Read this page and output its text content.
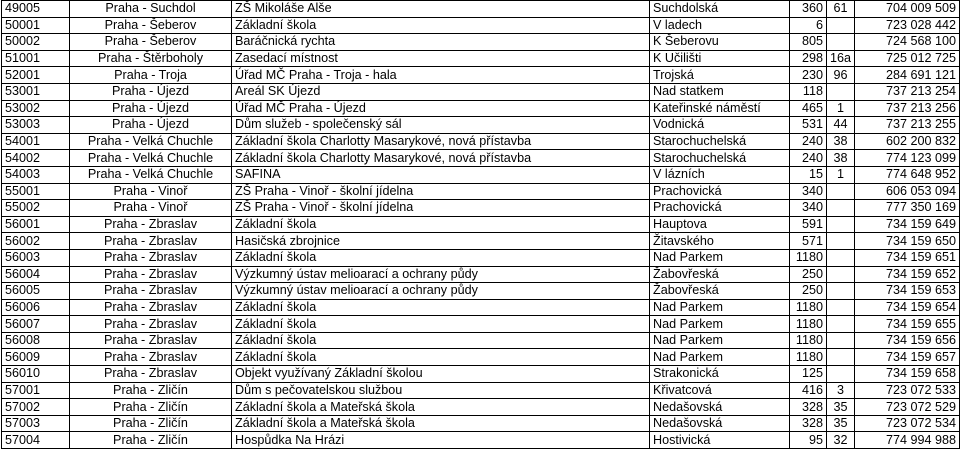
49005	Praha - Suchdol	ZŠ Mikoláše Alše	Suchdolská	360	61	704 009 509
50001	Praha - Šeberov	Základní škola	V ladech	6		723 028 442
50002	Praha - Šeberov	Baráčnická rychta	K Šeberovu	805		724 568 100
51001	Praha - Štěrboholy	Zasedací místnost	K Učilišti	298	16a	725 012 725
52001	Praha - Troja	Úřad MČ Praha - Troja - hala	Trojská	230	96	284 691 121
53001	Praha - Újezd	Areál SK Újezd	Nad statkem	118		737 213 254
53002	Praha - Újezd	Úřad MČ Praha - Újezd	Kateřinské náměstí	465	1	737 213 256
53003	Praha - Újezd	Dům služeb - společenský sál	Vodnická	531	44	737 213 255
54001	Praha - Velká Chuchle	Základní škola Charlotty Masarykové, nová přístavba	Starochuchelská	240	38	602 200 832
54002	Praha - Velká Chuchle	Základní škola Charlotty Masarykové, nová přístavba	Starochuchelská	240	38	774 123 099
54003	Praha - Velká Chuchle	SAFINA	V lázních	15	1	774 648 952
55001	Praha - Vinoř	ZŠ Praha - Vinoř - školní jídelna	Prachovická	340		606 053 094
55002	Praha - Vinoř	ZŠ Praha - Vinoř - školní jídelna	Prachovická	340		777 350 169
56001	Praha - Zbraslav	Základní škola	Hauptova	591		734 159 649
56002	Praha - Zbraslav	Hasičská zbrojnice	Žitavského	571		734 159 650
56003	Praha - Zbraslav	Základní škola	Nad Parkem	1180		734 159 651
56004	Praha - Zbraslav	Výzkumný ústav melioarací a ochrany půdy	Žabovřeská	250		734 159 652
56005	Praha - Zbraslav	Výzkumný ústav melioarací a ochrany půdy	Žabovřeská	250		734 159 653
56006	Praha - Zbraslav	Základní škola	Nad Parkem	1180		734 159 654
56007	Praha - Zbraslav	Základní škola	Nad Parkem	1180		734 159 655
56008	Praha - Zbraslav	Základní škola	Nad Parkem	1180		734 159 656
56009	Praha - Zbraslav	Základní škola	Nad Parkem	1180		734 159 657
56010	Praha - Zbraslav	Objekt využívaný Základní školou	Strakonická	125		734 159 658
57001	Praha - Zličín	Dům s pečovatelskou službou	Křivatcová	416	3	723 072 533
57002	Praha - Zličín	Základní škola a Mateřská škola	Nedašovská	328	35	723 072 529
57003	Praha - Zličín	Základní škola a Mateřská škola	Nedašovská	328	35	723 072 534
57004	Praha - Zličín	Hospůdka Na Hrázi	Hostivická	95	32	774 994 988
